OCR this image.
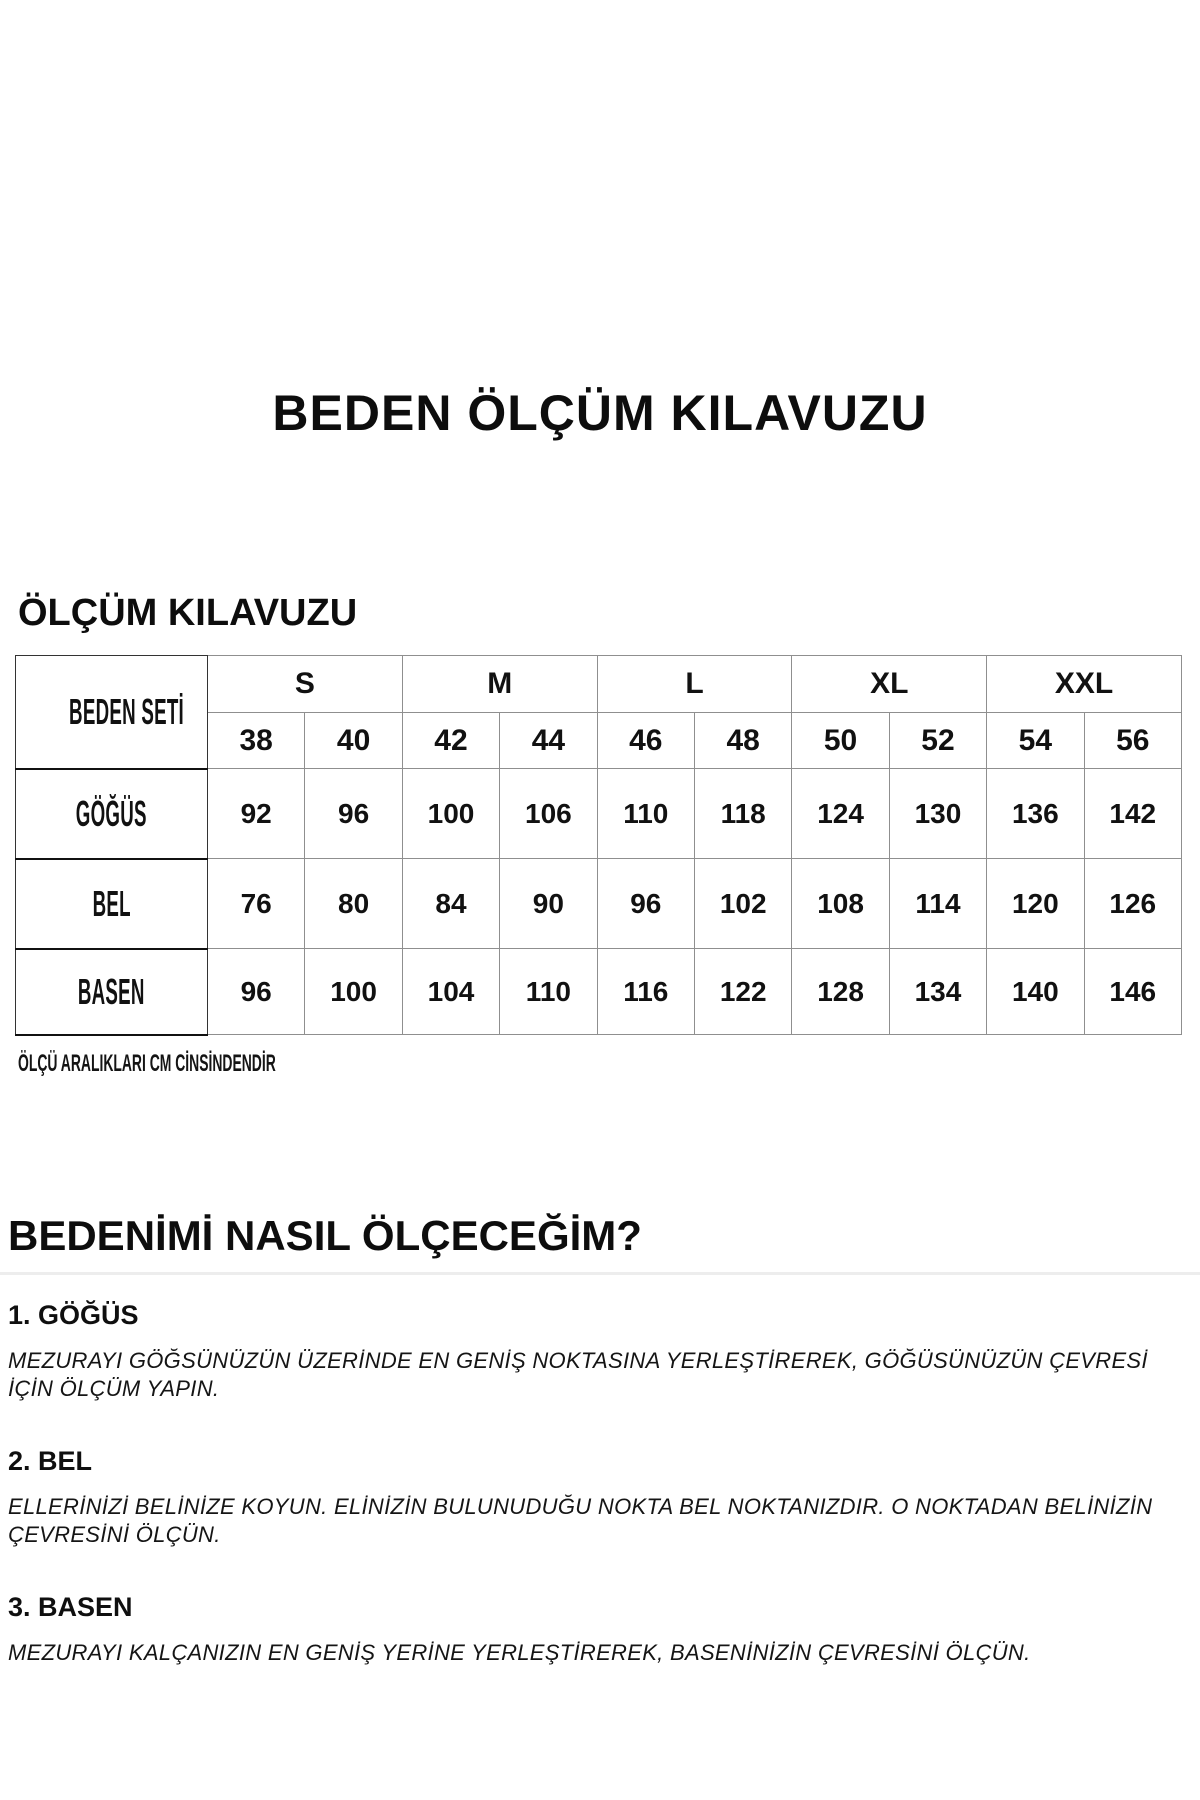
BEDEN ÖLÇÜM KILAVUZU
ÖLÇÜM KILAVUZU
BEDEN SETİ	S		M		L		XL		XXL	
	38	40	42	44	46	48	50	52	54	56
GÖĞÜS	92	96	100	106	110	118	124	130	136	142
BEL	76	80	84	90	96	102	108	114	120	126
BASEN	96	100	104	110	116	122	128	134	140	146
ÖLÇÜ ARALIKLARI CM CİNSİNDENDİR
BEDENİMİ NASIL ÖLÇECEĞİM?
1. GÖĞÜS

MEZURAYI GÖĞSÜNÜZÜN ÜZERİNDE EN GENİŞ NOKTASINA YERLEŞTİREREK, GÖĞÜSÜNÜZÜN ÇEVRESİ İÇİN ÖLÇÜM YAPIN.

2. BEL

ELLERİNİZİ BELİNİZE KOYUN. ELİNİZİN BULUNUDUĞU NOKTA BEL NOKTANIZDIR. O NOKTADAN BELİNİZİN ÇEVRESİNİ ÖLÇÜN.

3. BASEN

MEZURAYI KALÇANIZIN EN GENİŞ YERİNE YERLEŞTİREREK, BASENİNİZİN ÇEVRESİNİ ÖLÇÜN.
